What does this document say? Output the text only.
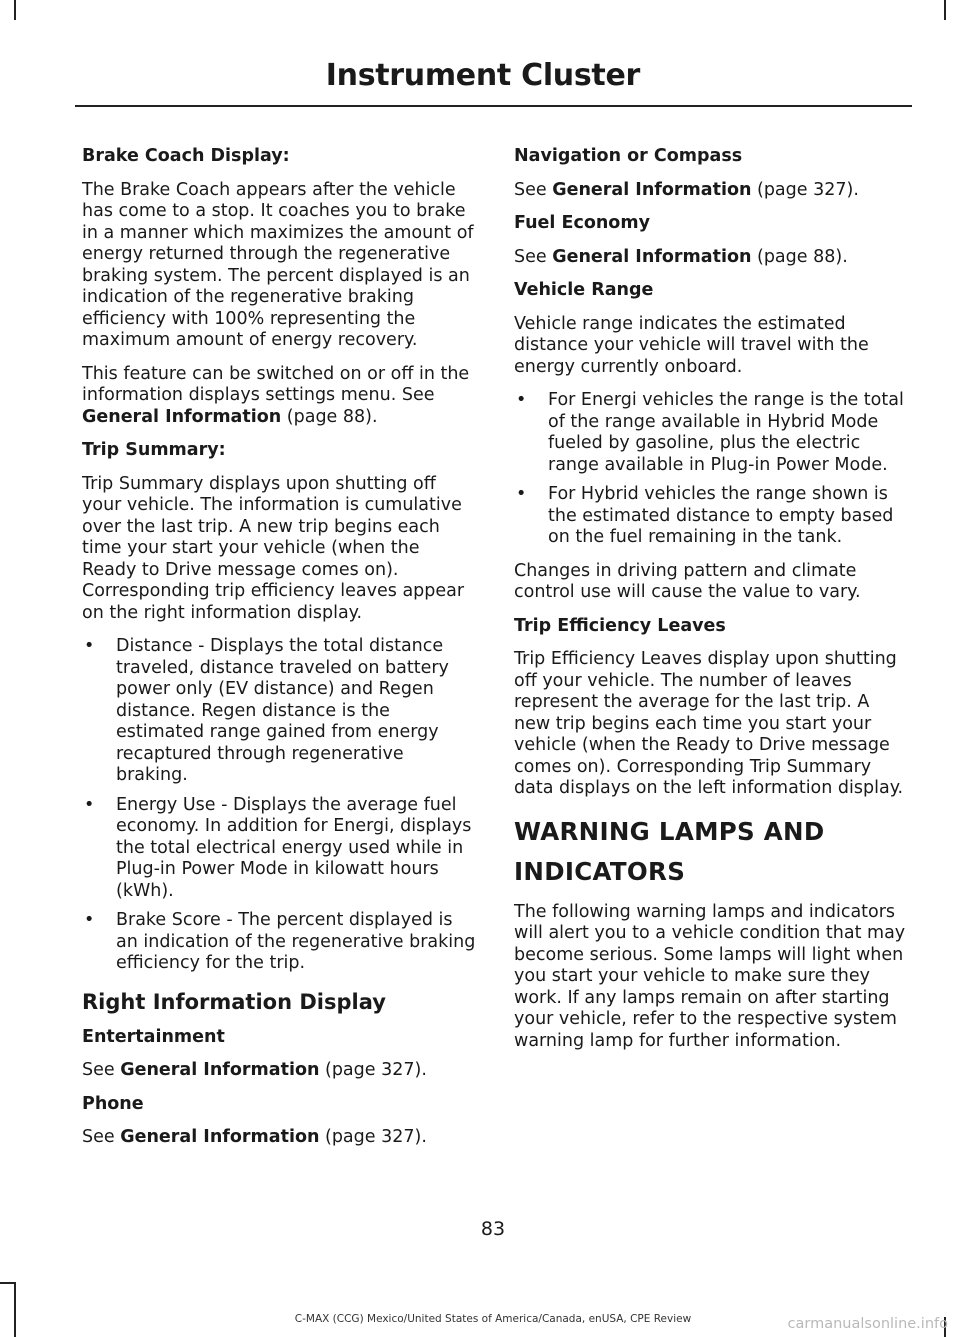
Instrument Cluster
Brake Coach Display:

The Brake Coach appears after the vehicle has come to a stop. It coaches you to brake in a manner which maximizes the amount of energy returned through the regenerative braking system. The percent displayed is an indication of the regenerative braking efficiency with 100% representing the maximum amount of energy recovery.

This feature can be switched on or off in the information displays settings menu. See General Information (page 88).

Trip Summary:

Trip Summary displays upon shutting off your vehicle. The information is cumulative over the last trip. A new trip begins each time your start your vehicle (when the Ready to Drive message comes on). Corresponding trip efficiency leaves appear on the right information display.

• Distance - Displays the total distance traveled, distance traveled on battery power only (EV distance) and Regen distance. Regen distance is the estimated range gained from energy recaptured through regenerative braking.
• Energy Use - Displays the average fuel economy. In addition for Energi, displays the total electrical energy used while in Plug-in Power Mode in kilowatt hours (kWh).
• Brake Score - The percent displayed is an indication of the regenerative braking efficiency for the trip.
Right Information Display
Entertainment

See General Information (page 327).

Phone

See General Information (page 327).

Navigation or Compass

See General Information (page 327).

Fuel Economy

See General Information (page 88).

Vehicle Range

Vehicle range indicates the estimated distance your vehicle will travel with the energy currently onboard.

• For Energi vehicles the range is the total of the range available in Hybrid Mode fueled by gasoline, plus the electric range available in Plug-in Power Mode.
• For Hybrid vehicles the range shown is the estimated distance to empty based on the fuel remaining in the tank.

Changes in driving pattern and climate control use will cause the value to vary.

Trip Efficiency Leaves

Trip Efficiency Leaves display upon shutting off your vehicle. The number of leaves represent the average for the last trip. A new trip begins each time you start your vehicle (when the Ready to Drive message comes on). Corresponding Trip Summary data displays on the left information display.

WARNING LAMPS AND
INDICATORS

The following warning lamps and indicators will alert you to a vehicle condition that may become serious. Some lamps will light when you start your vehicle to make sure they work. If any lamps remain on after starting your vehicle, refer to the respective system warning lamp for further information.

83
C-MAX (CCG) Mexico/United States of America/Canada, enUSA, CPE Review	carmanualsonline.info
